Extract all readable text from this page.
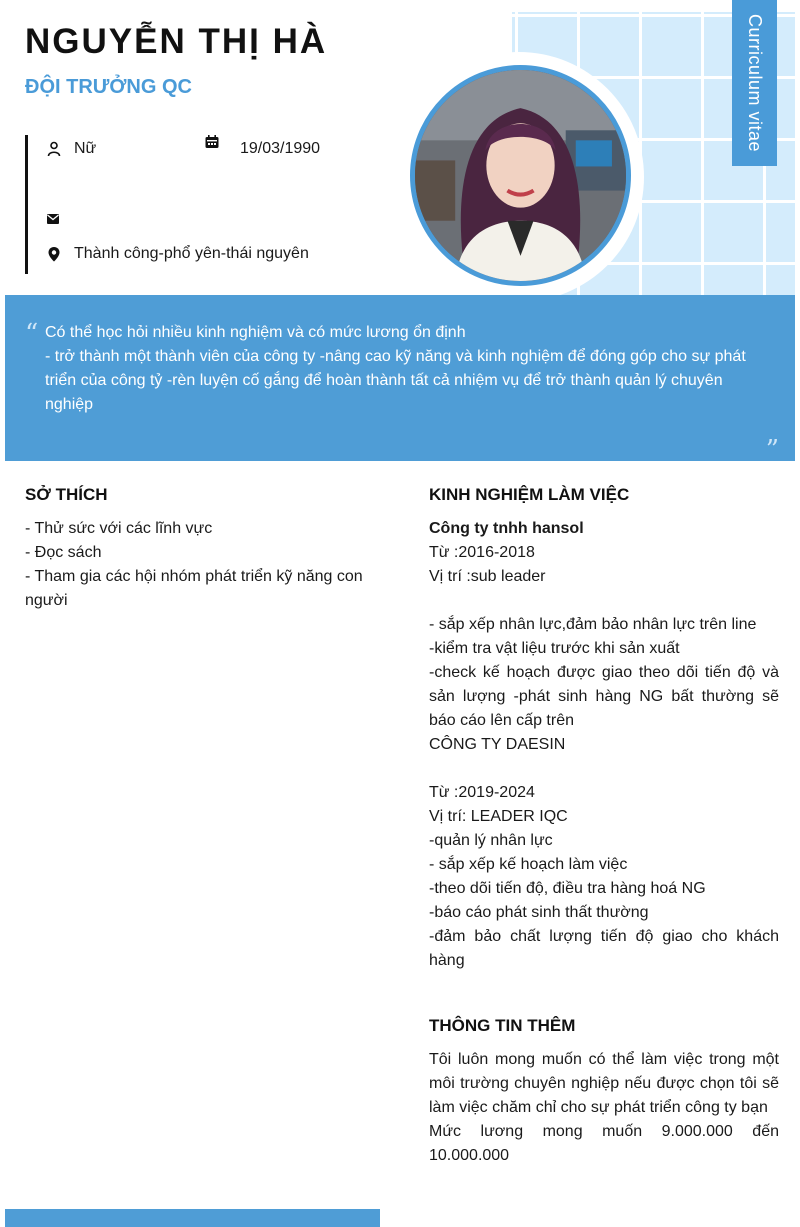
Curriculum vitae
NGUYỄN THỊ HÀ
ĐỘI TRƯỞNG QC
Nữ	19/03/1990
Thành công-phổ yên-thái nguyên
“ Có thể học hỏi nhiều kinh nghiệm và có mức lương ổn định
- trở thành một thành viên của công ty -nâng cao kỹ năng và kinh nghiệm để đóng góp cho sự phát triển của công tỷ -rèn luyện cố gắng để hoàn thành tất cả nhiệm vụ để trở thành quản lý chuyên nghiệp
”
SỞ THÍCH
- Thử sức với các lĩnh vực
- Đọc sách
- Tham gia các hội nhóm phát triển kỹ năng con người
KINH NGHIỆM LÀM VIỆC
Công ty tnhh hansol
Từ :2016-2018
Vị trí :sub leader
- sắp xếp nhân lực,đảm bảo nhân lực trên line
-kiểm tra vật liệu trước khi sản xuất
-check kế hoạch được giao theo dõi tiến độ và sản lượng -phát sinh hàng NG bất thường sẽ báo cáo lên cấp trên
CÔNG TY DAESIN
Từ :2019-2024
Vị trí: LEADER IQC
-quản lý nhân lực
- sắp xếp kế hoạch làm việc
-theo dõi tiến độ, điều tra hàng hoá NG
-báo cáo phát sinh thất thường
-đảm bảo chất lượng tiến độ giao cho khách hàng
THÔNG TIN THÊM

Tôi luôn mong muốn có thể làm việc trong một môi trường chuyên nghiệp nếu được chọn tôi sẽ làm việc chăm chỉ cho sự phát triển công ty bạn

Mức lương mong muốn 9.000.000 đến 10.000.000
